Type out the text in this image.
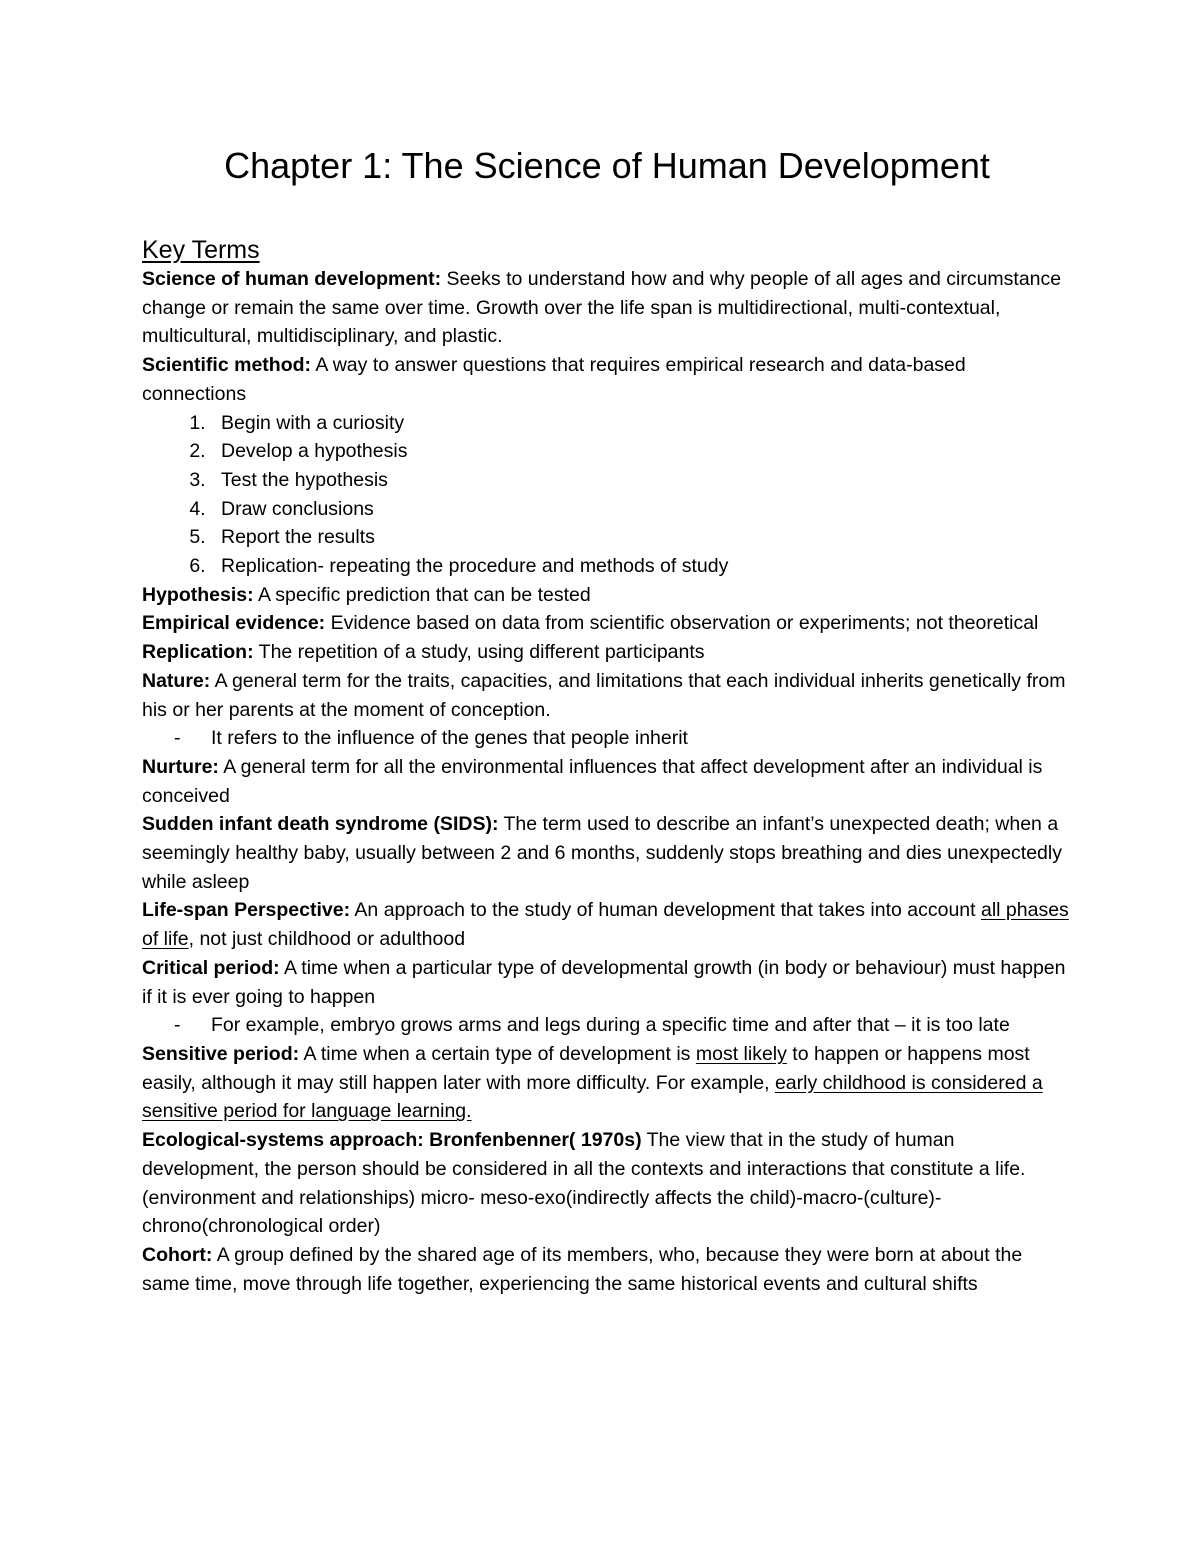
Chapter 1: The Science of Human Development
Key Terms

Science of human development: Seeks to understand how and why people of all ages and circumstance change or remain the same over time. Growth over the life span is multidirectional, multi-contextual, multicultural, multidisciplinary, and plastic.

Scientific method: A way to answer questions that requires empirical research and data-based connections

1. Begin with a curiosity
2. Develop a hypothesis
3. Test the hypothesis
4. Draw conclusions
5. Report the results
6. Replication- repeating the procedure and methods of study

Hypothesis: A specific prediction that can be tested

Empirical evidence: Evidence based on data from scientific observation or experiments; not theoretical

Replication: The repetition of a study, using different participants

Nature: A general term for the traits, capacities, and limitations that each individual inherits genetically from his or her parents at the moment of conception.

- It refers to the influence of the genes that people inherit

Nurture: A general term for all the environmental influences that affect development after an individual is conceived

Sudden infant death syndrome (SIDS): The term used to describe an infant’s unexpected death; when a seemingly healthy baby, usually between 2 and 6 months, suddenly stops breathing and dies unexpectedly while asleep

Life-span Perspective: An approach to the study of human development that takes into account all phases of life, not just childhood or adulthood

Critical period: A time when a particular type of developmental growth (in body or behaviour) must happen if it is ever going to happen

- For example, embryo grows arms and legs during a specific time and after that – it is too late

Sensitive period: A time when a certain type of development is most likely to happen or happens most easily, although it may still happen later with more difficulty. For example, early childhood is considered a sensitive period for language learning.

Ecological-systems approach: Bronfenbenner( 1970s) The view that in the study of human development, the person should be considered in all the contexts and interactions that constitute a life. (environment and relationships) micro- meso-exo(indirectly affects the child)-macro-(culture)-chrono(chronological order)

Cohort: A group defined by the shared age of its members, who, because they were born at about the same time, move through life together, experiencing the same historical events and cultural shifts
